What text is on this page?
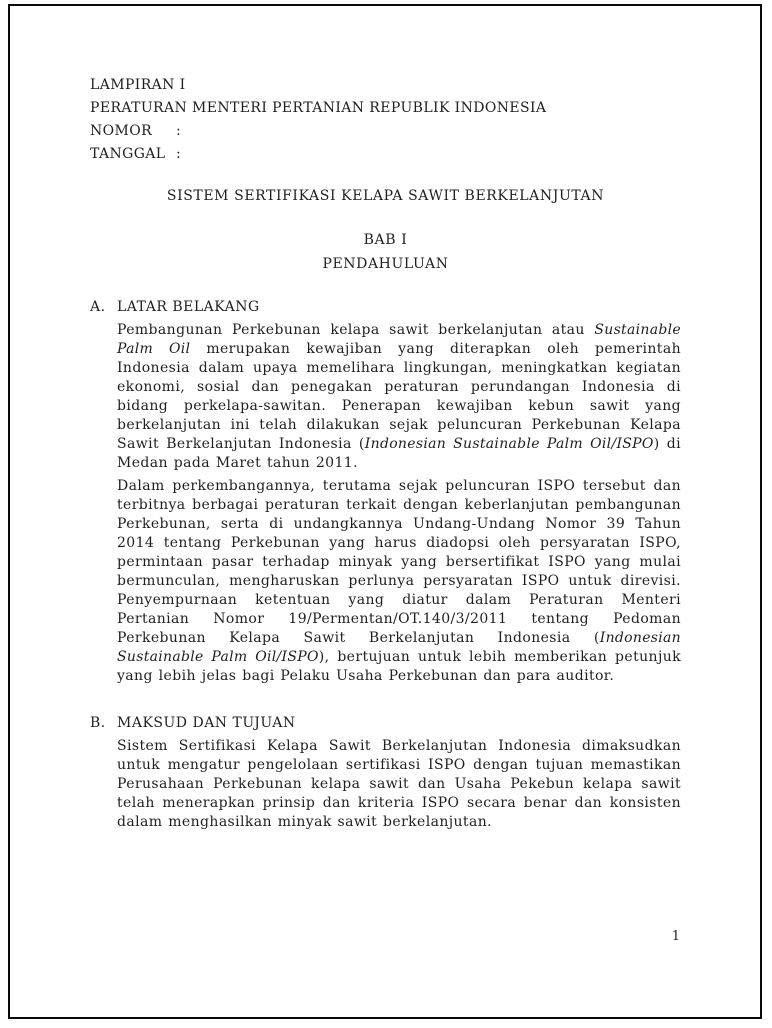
LAMPIRAN I
PERATURAN MENTERI PERTANIAN REPUBLIK INDONESIA
NOMOR :
TANGGAL :
SISTEM SERTIFIKASI KELAPA SAWIT BERKELANJUTAN
BAB I
PENDAHULUAN
A. LATAR BELAKANG

Pembangunan Perkebunan kelapa sawit berkelanjutan atau Sustainable Palm Oil merupakan kewajiban yang diterapkan oleh pemerintah Indonesia dalam upaya memelihara lingkungan, meningkatkan kegiatan ekonomi, sosial dan penegakan peraturan perundangan Indonesia di bidang perkelapa-sawitan. Penerapan kewajiban kebun sawit yang berkelanjutan ini telah dilakukan sejak peluncuran Perkebunan Kelapa Sawit Berkelanjutan Indonesia (Indonesian Sustainable Palm Oil/ISPO) di Medan pada Maret tahun 2011.

Dalam perkembangannya, terutama sejak peluncuran ISPO tersebut dan terbitnya berbagai peraturan terkait dengan keberlanjutan pembangunan Perkebunan, serta di undangkannya Undang-Undang Nomor 39 Tahun 2014 tentang Perkebunan yang harus diadopsi oleh persyaratan ISPO, permintaan pasar terhadap minyak yang bersertifikat ISPO yang mulai bermunculan, mengharuskan perlunya persyaratan ISPO untuk direvisi. Penyempurnaan ketentuan yang diatur dalam Peraturan Menteri Pertanian Nomor 19/Permentan/OT.140/3/2011 tentang Pedoman Perkebunan Kelapa Sawit Berkelanjutan Indonesia (Indonesian Sustainable Palm Oil/ISPO), bertujuan untuk lebih memberikan petunjuk yang lebih jelas bagi Pelaku Usaha Perkebunan dan para auditor.

B. MAKSUD DAN TUJUAN

Sistem Sertifikasi Kelapa Sawit Berkelanjutan Indonesia dimaksudkan untuk mengatur pengelolaan sertifikasi ISPO dengan tujuan memastikan Perusahaan Perkebunan kelapa sawit dan Usaha Pekebun kelapa sawit telah menerapkan prinsip dan kriteria ISPO secara benar dan konsisten dalam menghasilkan minyak sawit berkelanjutan.

1
